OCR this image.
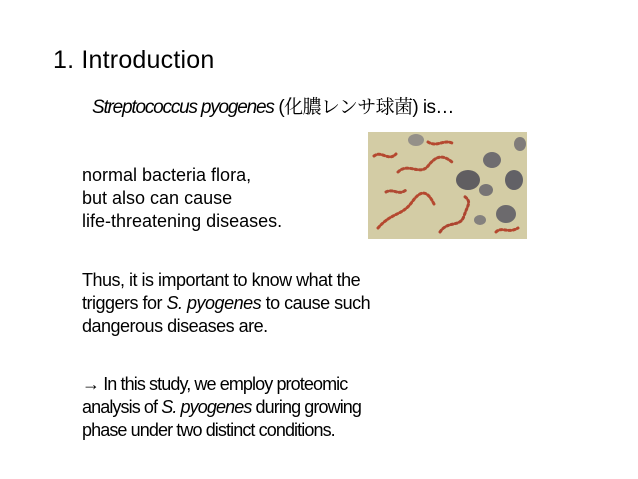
1. Introduction
Streptococcus pyogenes (化膿レンサ球菌) is…
normal bacteria flora,
but also can cause
life-threatening diseases.
Thus, it is important to know what the
triggers for S. pyogenes to cause such
dangerous diseases are.
→ In this study, we employ proteomic
analysis of S. pyogenes during growing
phase under two distinct conditions.
